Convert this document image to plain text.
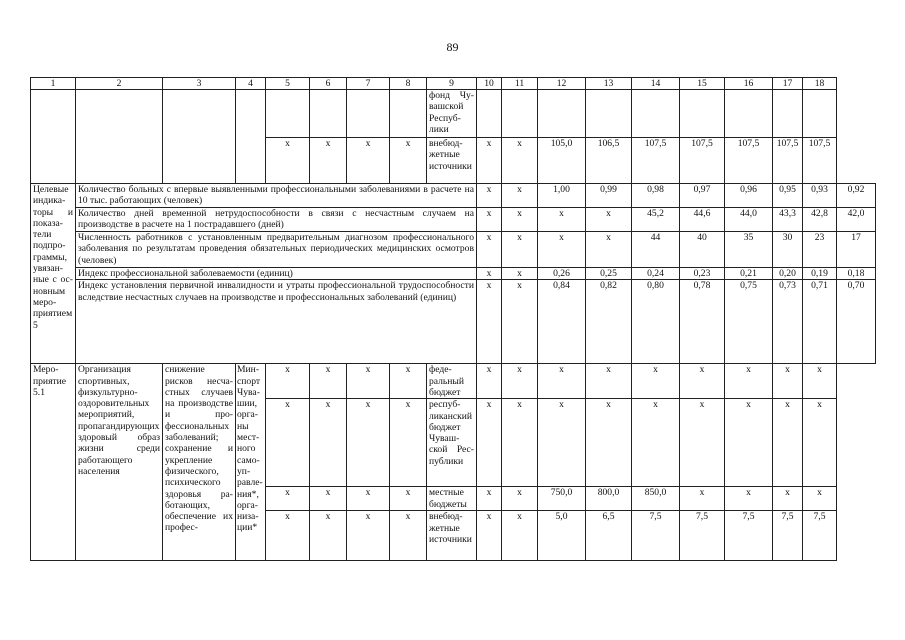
89
1	2	3	4	5	6	7	8	9	10	11	12	13	14	15	16	17	18	
								фонд Чувашской Республики										
				х	х	х	х	внебюджетные источники	х	х	105,0	106,5	107,5	107,5	107,5	107,5	107,5	
Целевые индикаторы и показатели подпрограммы, увязанные с основным мероприятием 5	Количество больных с впервые выявленными профессиональными заболеваниями в расчете на 10 тыс. работающих (человек)								х	х	1,00	0,99	0,98	0,97	0,96	0,95	0,93	0,92
	Количество дней временной нетрудоспособности в связи с несчастным случаем на производстве в расчете на 1 пострадавшего (дней)								х	х	х	х	45,2	44,6	44,0	43,3	42,8	42,0
	Численность работников с установленным предварительным диагнозом профессионального заболевания по результатам проведения обязательных периодических медицинских осмотров (человек)								х	х	х	х	44	40	35	30	23	17
	Индекс профессиональной заболеваемости (единиц)								х	х	0,26	0,25	0,24	0,23	0,21	0,20	0,19	0,18
	Индекс установления первичной инвалидности и утраты профессиональной трудоспособности вследствие несчастных случаев на производстве и профессиональных заболеваний (единиц)								х	х	0,84	0,82	0,80	0,78	0,75	0,73	0,71	0,70
Мероприятие 5.1	Организация спортивных, физкультурно-оздоровительных мероприятий, пропагандирующих здоровый образ жизни среди работающего населения	снижение рисков несчастных случаев на производстве и профессиональных заболеваний; сохранение и укрепление физического, психического здоровья работающих, обеспечение их профес-	Минспорт Чувашии, органы местного самоуправления*, организации*	х	х	х	х	федеральный бюджет	х	х	х	х	х	х	х	х	х	
				х	х	х	х	республиканский бюджет Чувашской Республики	х	х	х	х	х	х	х	х	х	
				х	х	х	х	местные бюджеты	х	х	750,0	800,0	850,0	х	х	х	х	
				х	х	х	х	внебюджетные источники	х	х	5,0	6,5	7,5	7,5	7,5	7,5	7,5	
